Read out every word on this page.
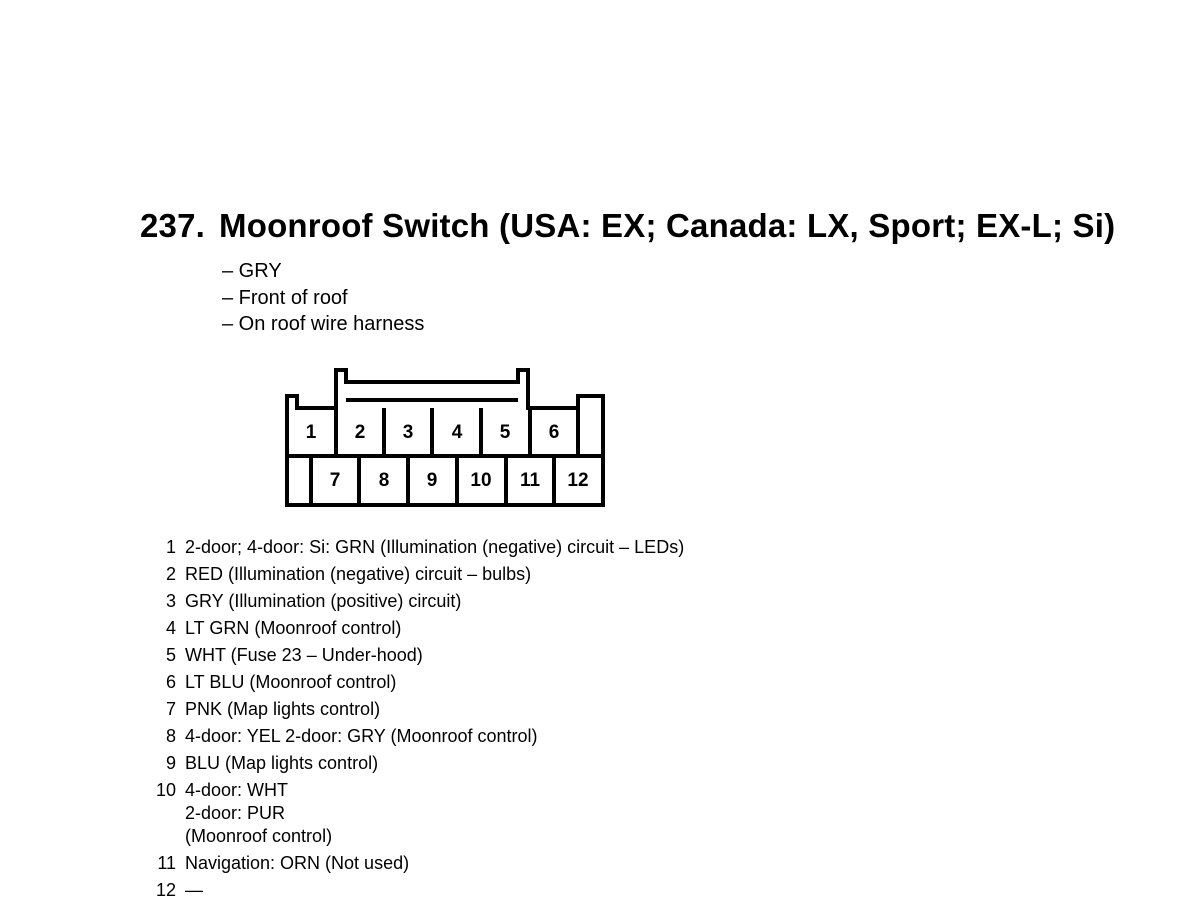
237. Moonroof Switch (USA: EX; Canada: LX, Sport; EX-L; Si)
– GRY
– Front of roof
– On roof wire harness
1 2 3 4 5 6
7 8 9 10 11 12
1 2-door; 4-door: Si: GRN (Illumination (negative) circuit – LEDs)
2 RED (Illumination (negative) circuit – bulbs)
3 GRY (Illumination (positive) circuit)
4 LT GRN (Moonroof control)
5 WHT (Fuse 23 – Under-hood)
6 LT BLU (Moonroof control)
7 PNK (Map lights control)
8 4-door: YEL 2-door: GRY (Moonroof control)
9 BLU (Map lights control)
10 4-door: WHT
2-door: PUR
(Moonroof control)
11 Navigation: ORN (Not used)
12 —
